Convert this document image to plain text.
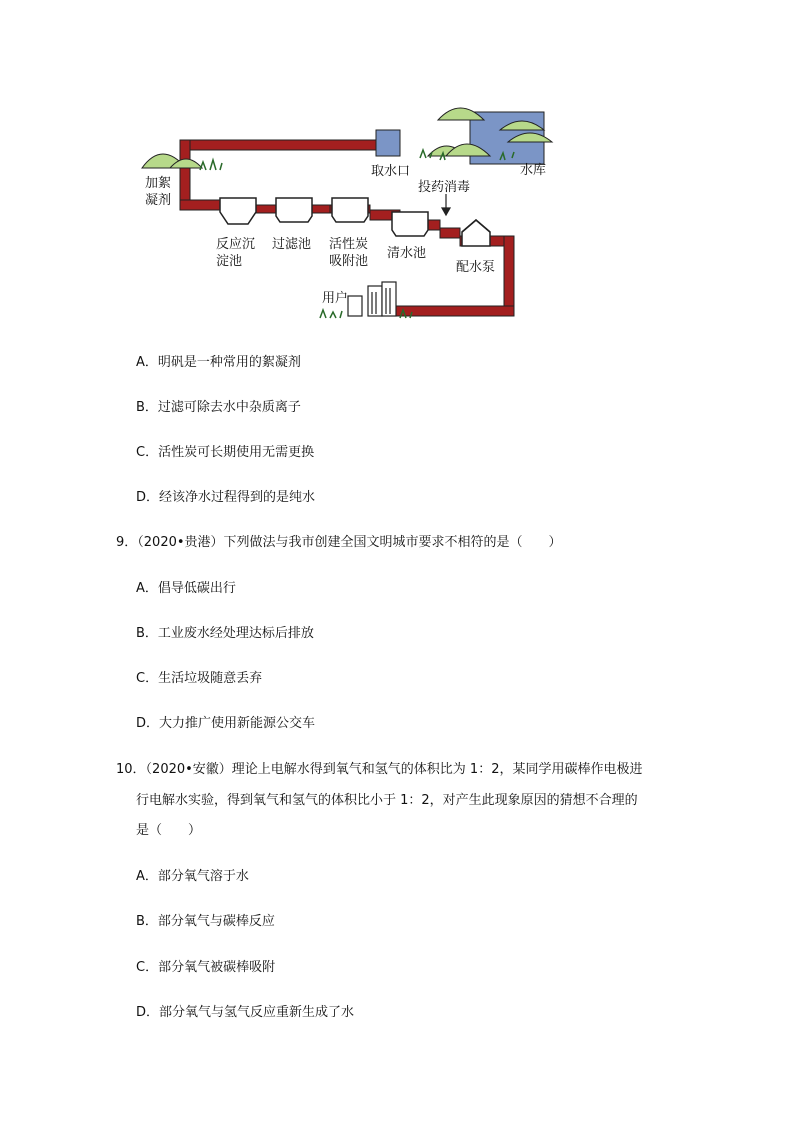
取水口	水库
加絮
凝剂
投药消毒
反应沉
淀池
过滤池 活性炭
吸附池
清水池
配水泵
用户
A．明矾是一种常用的絮凝剂
B．过滤可除去水中杂质离子
C．活性炭可长期使用无需更换
D．经该净水过程得到的是纯水
9．（2020•贵港）下列做法与我市创建全国文明城市要求不相符的是（　　）
A．倡导低碳出行
B．工业废水经处理达标后排放
C．生活垃圾随意丢弃
D．大力推广使用新能源公交车
10．（2020•安徽）理论上电解水得到氧气和氢气的体积比为 1：2，某同学用碳棒作电极进
行电解水实验，得到氧气和氢气的体积比小于 1：2，对产生此现象原因的猜想不合理的
是（　　）
A．部分氧气溶于水
B．部分氧气与碳棒反应
C．部分氧气被碳棒吸附
D．部分氧气与氢气反应重新生成了水
